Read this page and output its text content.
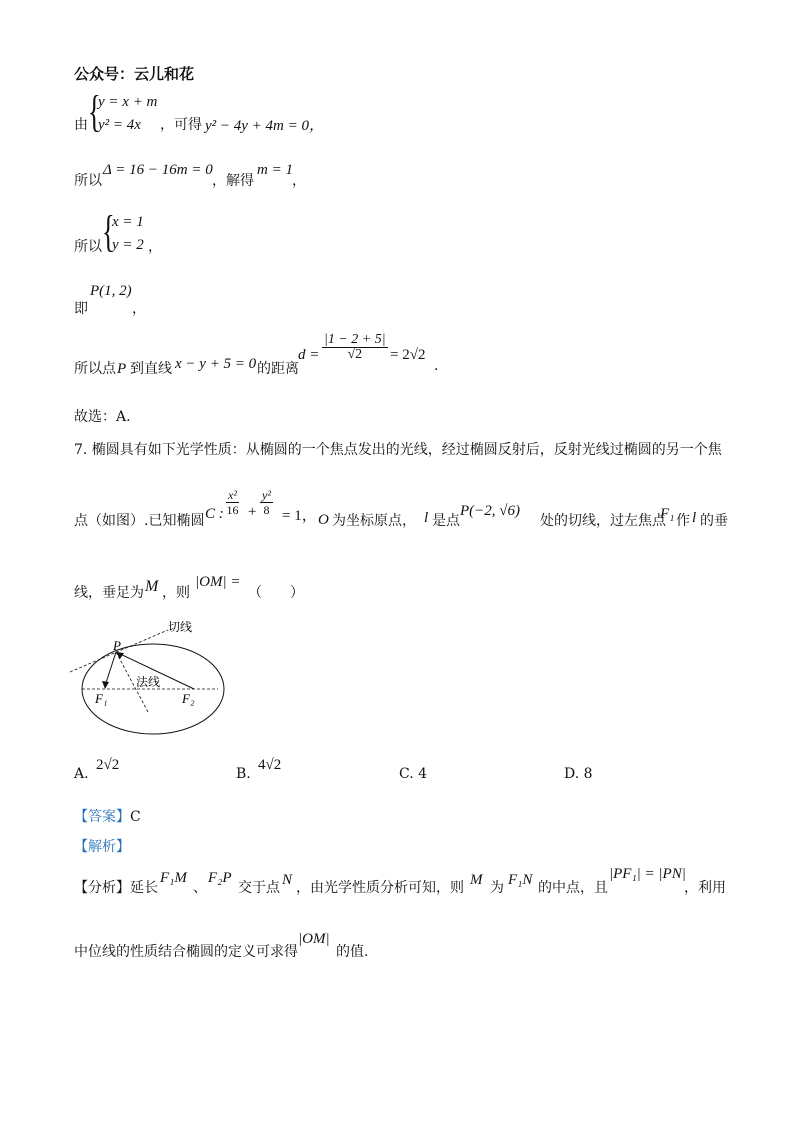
公众号：云儿和花
由 {
y = x + m
y² = 4x ，可得 y² − 4y + 4m = 0，
所以
Δ = 16 − 16m = 0
，解得
m = 1
，
所以 {
x = 1
y = 2 ，
即
P(1, 2)
，
所以点 P 到直线 x − y + 5 = 0 的距离
$d = \frac{|1 - 2 + 5|}{√2} = 2√2$
.
故选：A.
7. 椭圆具有如下光学性质：从椭圆的一个焦点发出的光线，经过椭圆反射后，反射光线过椭圆的另一个焦
点（如图）.已知椭圆 C : $\frac{\text{x²}}{16} + \frac{\text{y²}}{8} = 1$， O 为坐标原点， l 是点
P(−2, √6)
处的切线，过左焦点
F₁ 作 l 的垂
线，垂足为 M ，则
|OM| =
（　　）
P
切线
法线
F₁	F₂
A.
2√2
B.
4√2
C. 4	D. 8
【答案】C
【解析】
【分析】 延长
F₁M
、
F₂P
交于点 N ，由光学性质分析可知，则 M 为 F₁N 的中点，且
|PF₁| = |PN|
，利用
中位线的性质结合椭圆的定义可求得
|OM|
的值.
